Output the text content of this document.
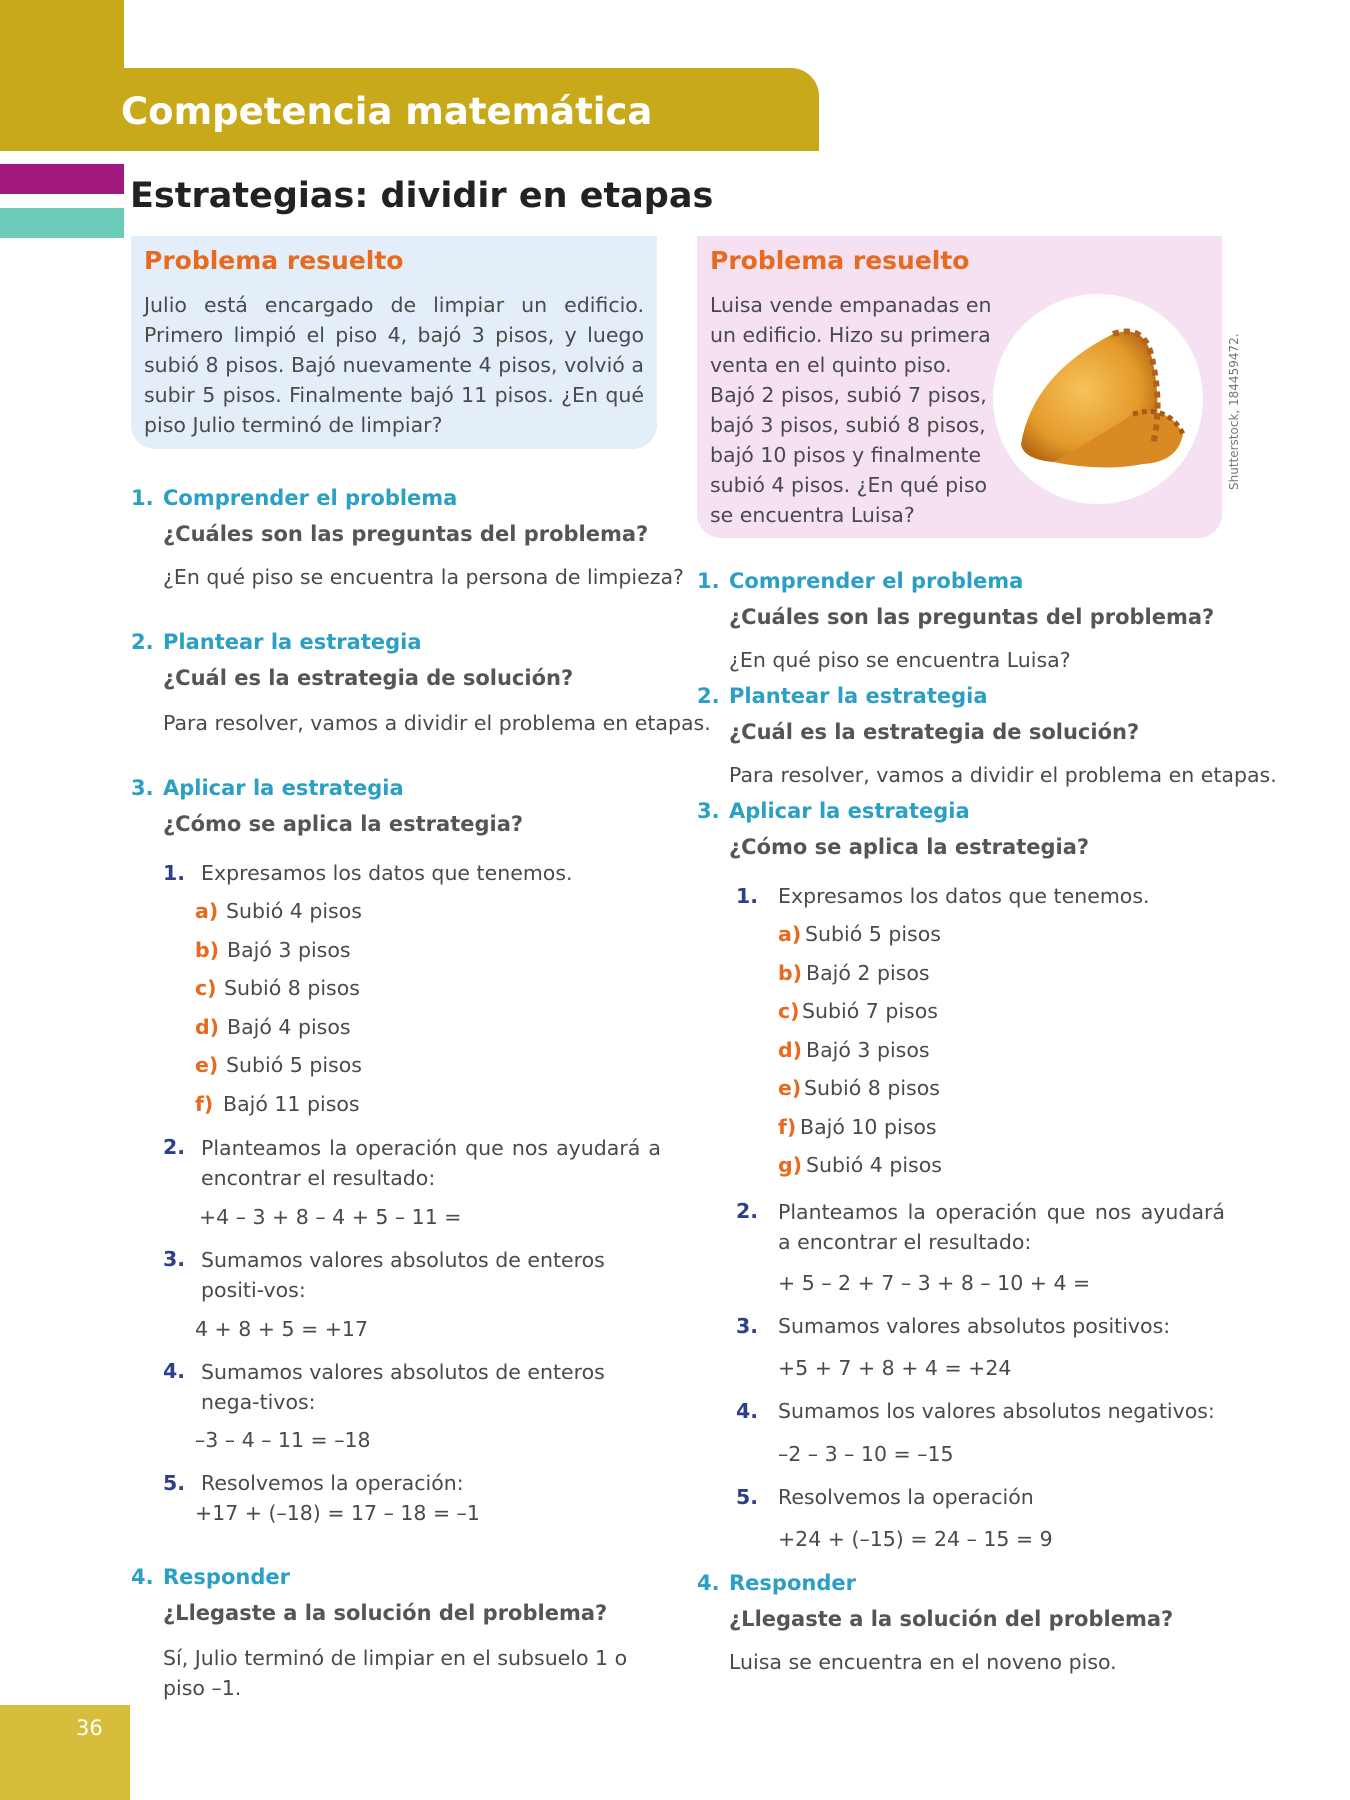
Competencia matemática
Estrategias: dividir en etapas
Problema resuelto
Julio está encargado de limpiar un edificio. Primero limpió el piso 4, bajó 3 pisos, y luego subió 8 pisos. Bajó nuevamente 4 pisos, volvió a subir 5 pisos. Finalmente bajó 11 pisos. ¿En qué piso Julio terminó de limpiar?
Problema resuelto
Luisa vende empanadas en un edificio. Hizo su primera venta en el quinto piso. Bajó 2 pisos, subió 7 pisos, bajó 3 pisos, subió 8 pisos, bajó 10 pisos y finalmente subió 4 pisos. ¿En qué piso se encuentra Luisa?
Shutterstock, 184459472.
1. Comprender el problema
¿Cuáles son las preguntas del problema?
¿En qué piso se encuentra la persona de limpieza?
2. Plantear la estrategia
¿Cuál es la estrategia de solución?
Para resolver, vamos a dividir el problema en etapas.
3. Aplicar la estrategia
¿Cómo se aplica la estrategia?
1. Expresamos los datos que tenemos.
a) Subió 4 pisos
b) Bajó 3 pisos
c) Subió 8 pisos
d) Bajó 4 pisos
e) Subió 5 pisos
f) Bajó 11 pisos
2. Planteamos la operación que nos ayudará a encontrar el resultado:
+4 – 3 + 8 – 4 + 5 – 11 =
3. Sumamos valores absolutos de enteros positi-vos:
4 + 8 + 5 = +17
4. Sumamos valores absolutos de enteros nega-tivos:
–3 – 4 – 11 = –18
5. Resolvemos la operación:
+17 + (–18) = 17 – 18 = –1
4. Responder
¿Llegaste a la solución del problema?
Sí, Julio terminó de limpiar en el subsuelo 1 o piso –1.
1. Comprender el problema
¿Cuáles son las preguntas del problema?
¿En qué piso se encuentra Luisa?
2. Plantear la estrategia
¿Cuál es la estrategia de solución?
Para resolver, vamos a dividir el problema en etapas.
3. Aplicar la estrategia
¿Cómo se aplica la estrategia?
1. Expresamos los datos que tenemos.
a) Subió 5 pisos
b) Bajó 2 pisos
c) Subió 7 pisos
d) Bajó 3 pisos
e) Subió 8 pisos
f) Bajó 10 pisos
g) Subió 4 pisos
2. Planteamos la operación que nos ayudará a encontrar el resultado:
+ 5 – 2 + 7 – 3 + 8 – 10 + 4 =
3. Sumamos valores absolutos positivos:
+5 + 7 + 8 + 4 = +24
4. Sumamos los valores absolutos negativos:
–2 – 3 – 10 = –15
5. Resolvemos la operación
+24 + (–15) = 24 – 15 = 9
4. Responder
¿Llegaste a la solución del problema?
Luisa se encuentra en el noveno piso.
36
